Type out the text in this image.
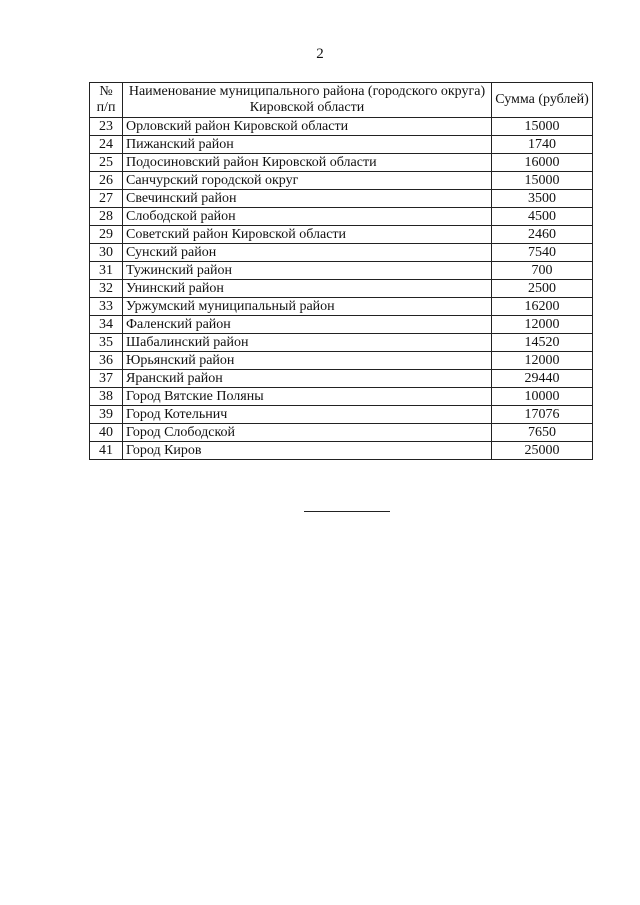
2
№ п/п	Наименование муниципального района (городского округа) Кировской области	Сумма (рублей)
23	Орловский район Кировской области	15000
24	Пижанский район	1740
25	Подосиновский район Кировской области	16000
26	Санчурский городской округ	15000
27	Свечинский район	3500
28	Слободской район	4500
29	Советский район Кировской области	2460
30	Сунский район	7540
31	Тужинский район	700
32	Унинский район	2500
33	Уржумский муниципальный район	16200
34	Фаленский район	12000
35	Шабалинский район	14520
36	Юрьянский район	12000
37	Яранский район	29440
38	Город Вятские Поляны	10000
39	Город Котельнич	17076
40	Город Слободской	7650
41	Город Киров	25000
